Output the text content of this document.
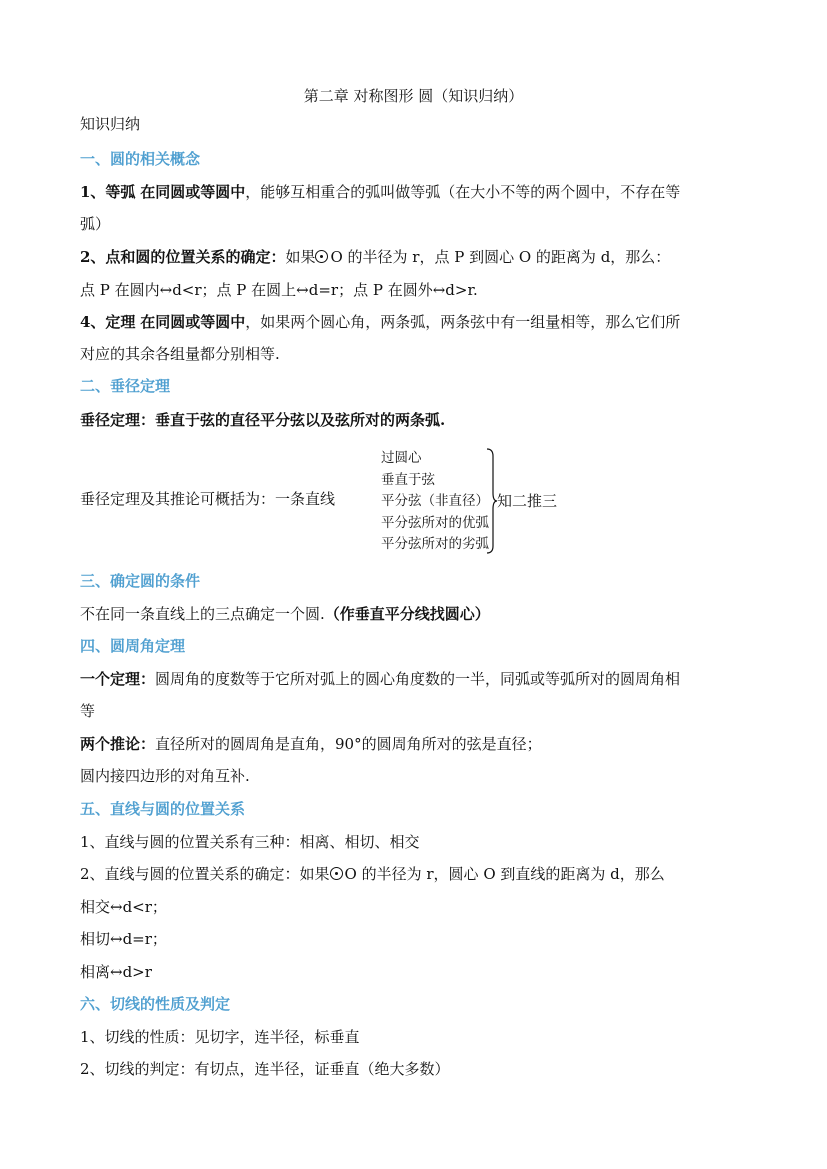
第二章 对称图形 圆（知识归纳）
知识归纳
一、圆的相关概念
1、等弧 在同圆或等圆中，能够互相重合的弧叫做等弧（在大小不等的两个圆中，不存在等
弧）
2、点和圆的位置关系的确定：如果 O 的半径为 r，点 P 到圆心 O 的距离为 d，那么：
点 P 在圆内↔d<r；点 P 在圆上↔d=r；点 P 在圆外↔d>r.
4、定理 在同圆或等圆中，如果两个圆心角，两条弧，两条弦中有一组量相等，那么它们所
对应的其余各组量都分别相等.
二、垂径定理
垂径定理：垂直于弦的直径平分弦以及弦所对的两条弧.
垂径定理及其推论可概括为：一条直线
过圆心
垂直于弦
平分弦（非直径）
平分弦所对的优弧
平分弦所对的劣弧
知二推三
三、确定圆的条件
不在同一条直线上的三点确定一个圆.（作垂直平分线找圆心）
四、圆周角定理
一个定理：圆周角的度数等于它所对弧上的圆心角度数的一半，同弧或等弧所对的圆周角相
等
两个推论：直径所对的圆周角是直角，90°的圆周角所对的弦是直径；
圆内接四边形的对角互补.
五、直线与圆的位置关系
1、直线与圆的位置关系有三种：相离、相切、相交
2、直线与圆的位置关系的确定：如果 O 的半径为 r，圆心 O 到直线的距离为 d，那么
相交↔d<r；
相切↔d=r；
相离↔d>r
六、切线的性质及判定
1、切线的性质：见切字，连半径，标垂直
2、切线的判定：有切点，连半径，证垂直（绝大多数）
